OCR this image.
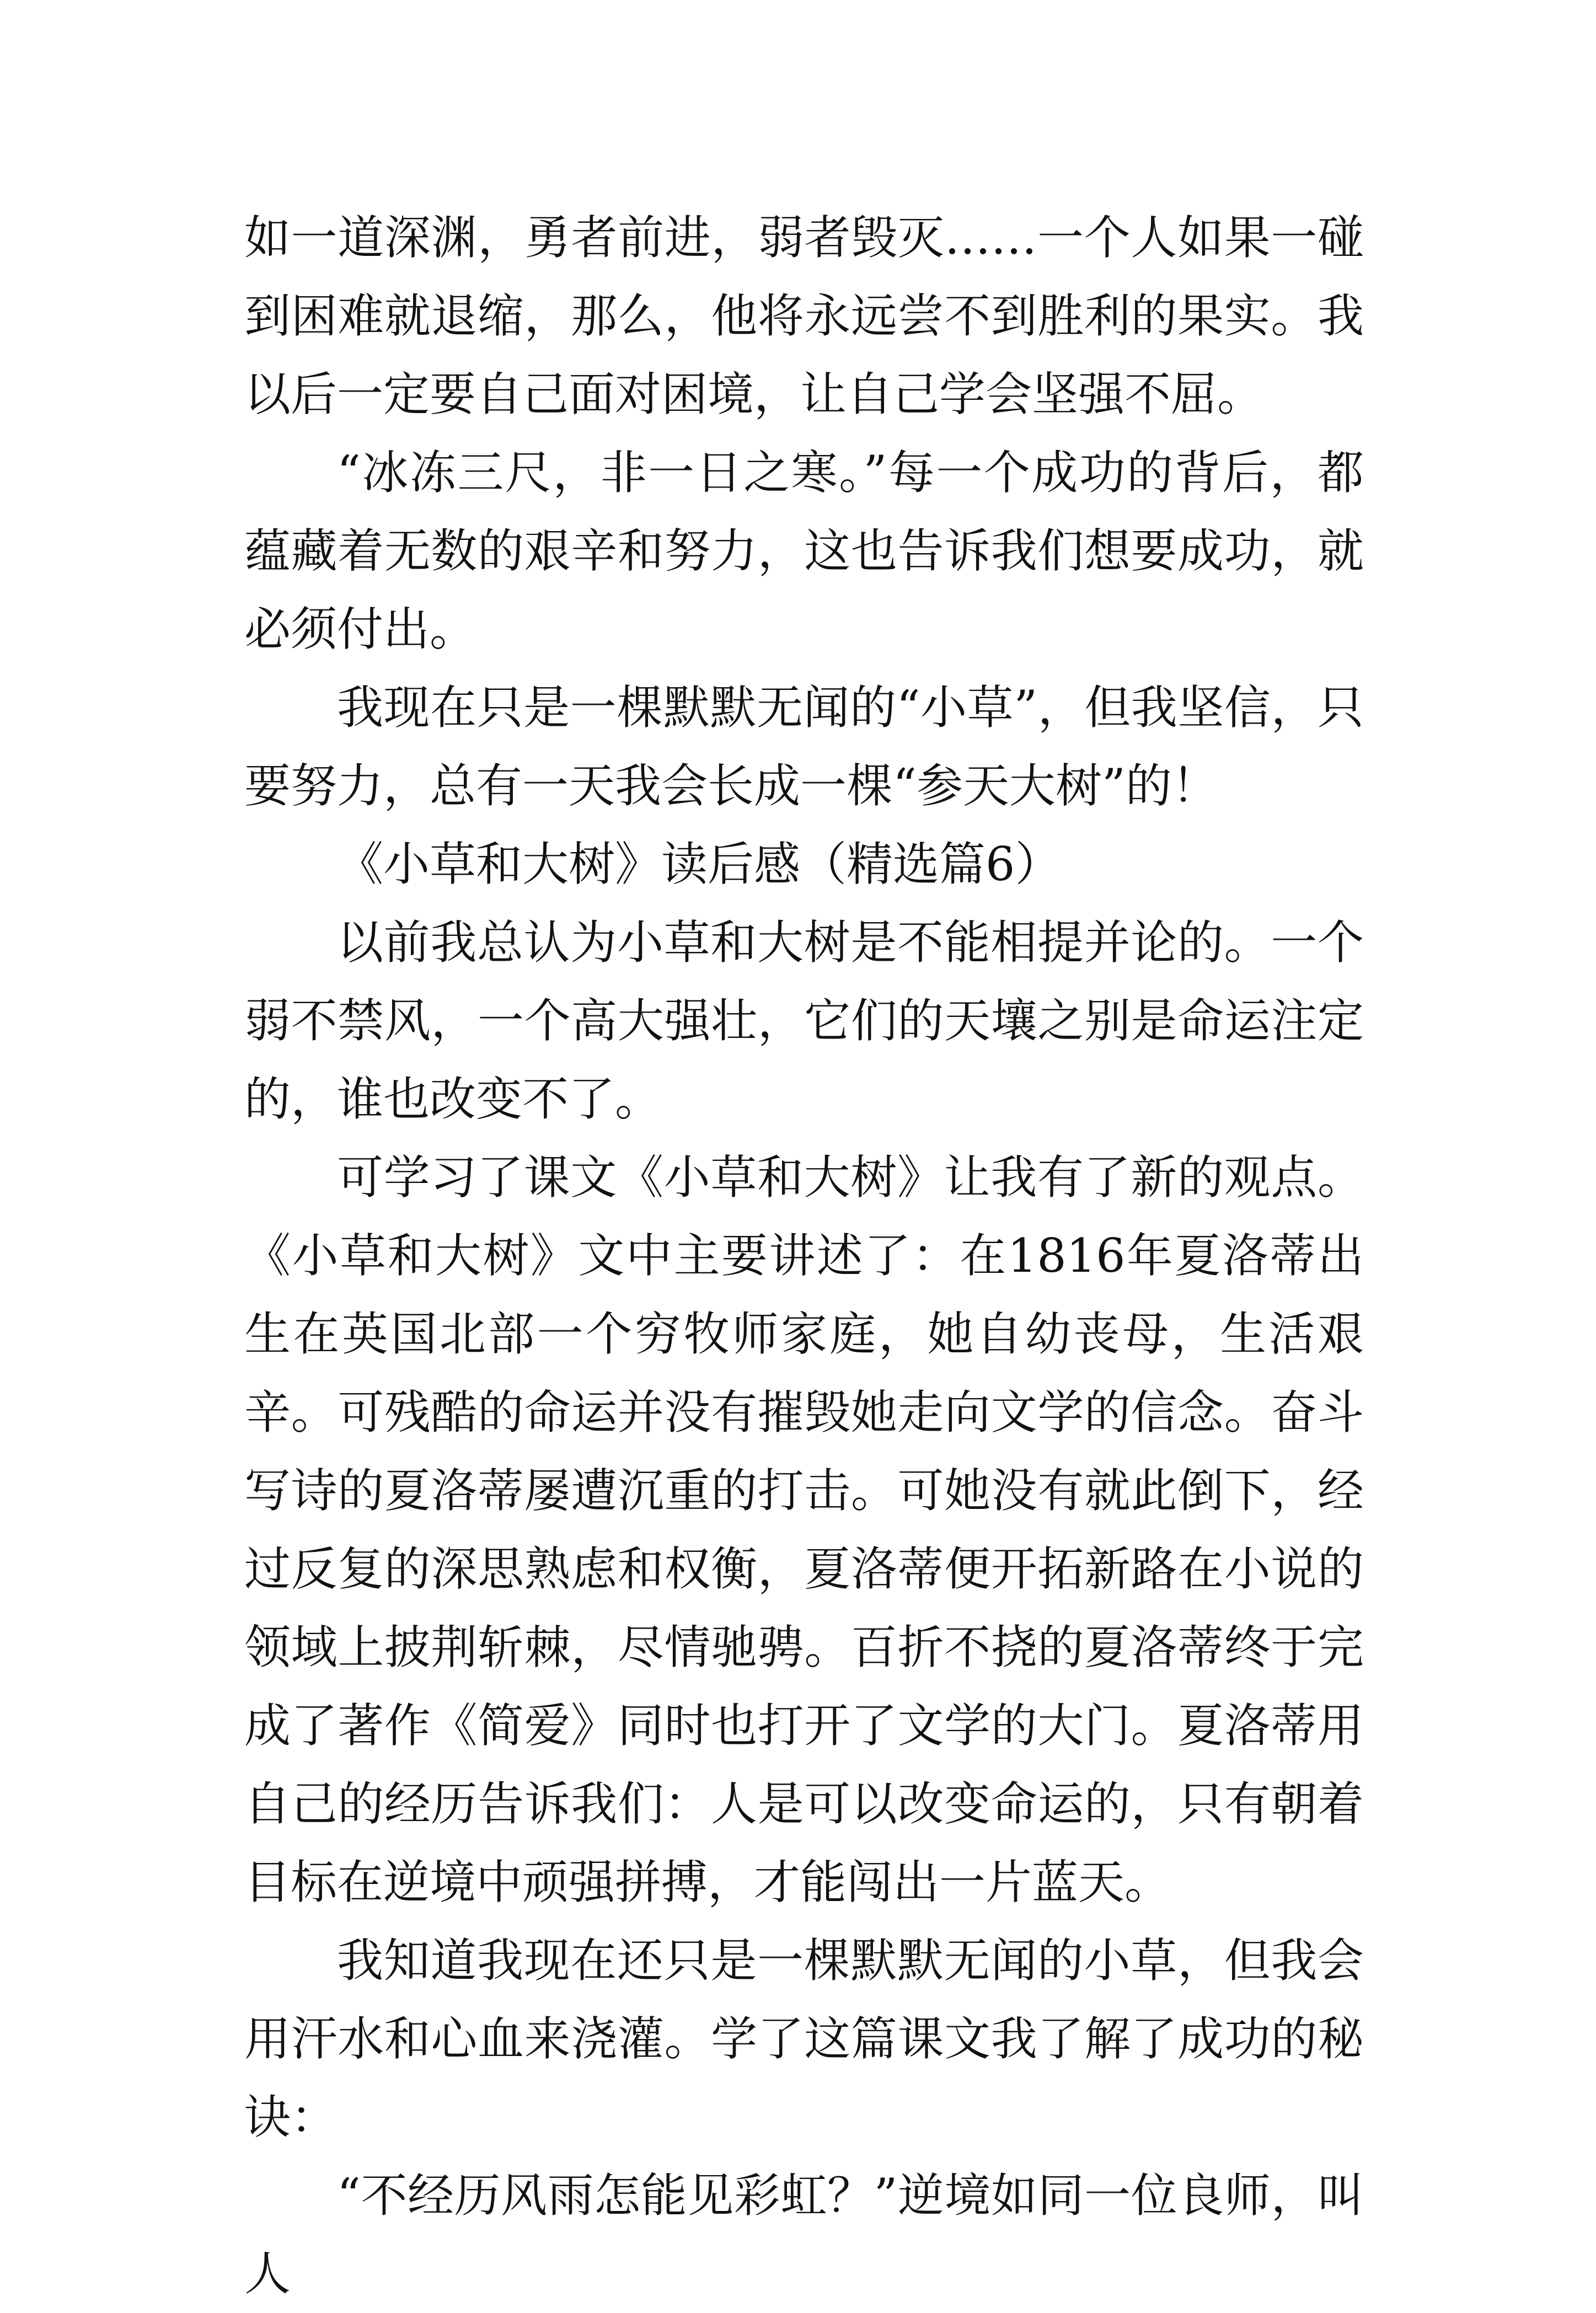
如一道深渊，勇者前进，弱者毁灭……一个人如果一碰到困难就退缩，那么，他将永远尝不到胜利的果实。我以后一定要自己面对困境，让自己学会坚强不屈。

“冰冻三尺，非一日之寒。”每一个成功的背后，都蕴藏着无数的艰辛和努力，这也告诉我们想要成功，就必须付出。

我现在只是一棵默默无闻的“小草”，但我坚信，只要努力，总有一天我会长成一棵“参天大树”的！

《小草和大树》读后感（精选篇6）

以前我总认为小草和大树是不能相提并论的。一个弱不禁风，一个高大强壮，它们的天壤之别是命运注定的，谁也改变不了。

可学习了课文《小草和大树》让我有了新的观点。《小草和大树》文中主要讲述了：在1816年夏洛蒂出生在英国北部一个穷牧师家庭，她自幼丧母，生活艰辛。可残酷的命运并没有摧毁她走向文学的信念。奋斗写诗的夏洛蒂屡遭沉重的打击。可她没有就此倒下，经过反复的深思熟虑和权衡，夏洛蒂便开拓新路在小说的领域上披荆斩棘，尽情驰骋。百折不挠的夏洛蒂终于完成了著作《简爱》同时也打开了文学的大门。夏洛蒂用自己的经历告诉我们：人是可以改变命运的，只有朝着目标在逆境中顽强拼搏，才能闯出一片蓝天。

我知道我现在还只是一棵默默无闻的小草，但我会用汗水和心血来浇灌。学了这篇课文我了解了成功的秘诀：

“不经历风雨怎能见彩虹？”逆境如同一位良师，叫人
